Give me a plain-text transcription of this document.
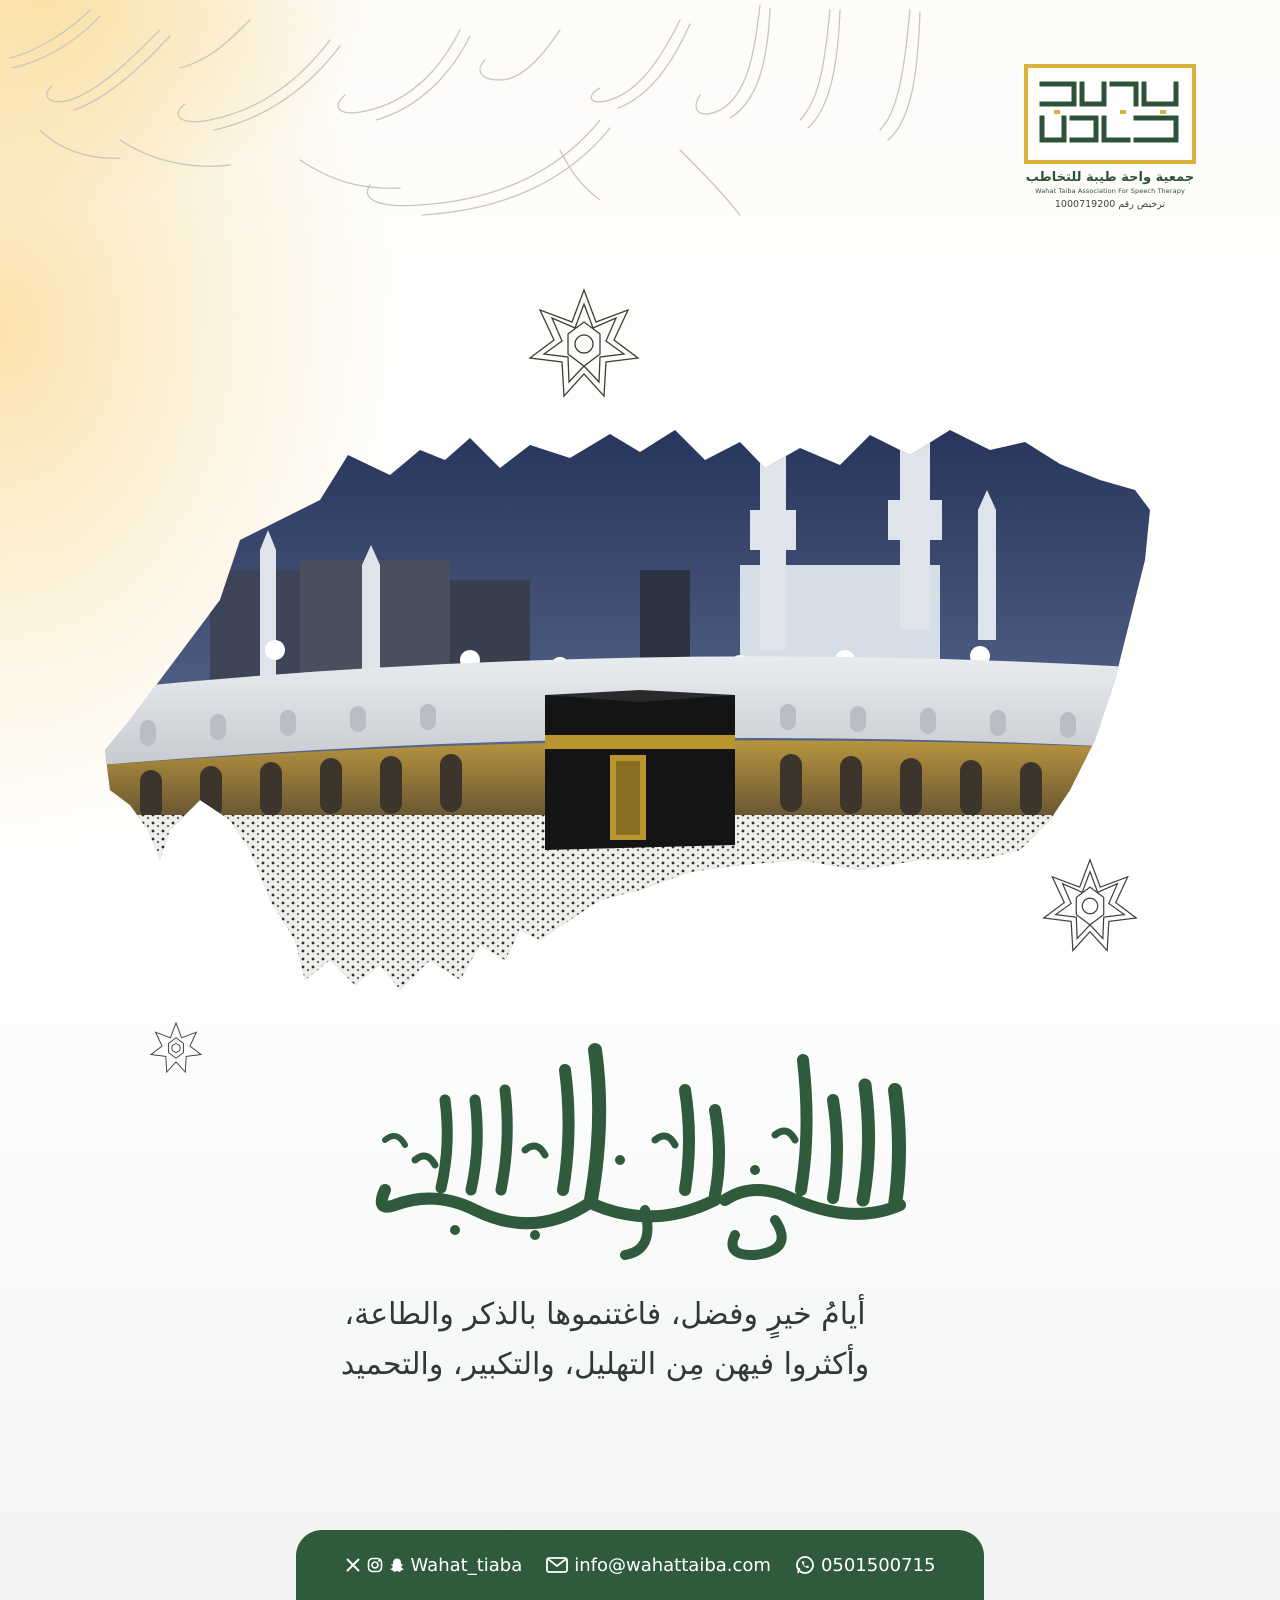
جمعية واحة طيبة للتخاطب
Wahat Taiba Association For Speech Therapy
ترخيص رقم 1000719200
الله أكبر كبيرا والحمد لله كثيرا
أيامُ خيرٍ وفضل، فاغتنموها بالذكر والطاعة،
وأكثروا فيهن مِن التهليل، والتكبير، والتحميد
Wahat_tiaba	info@wahattaiba.com	0501500715
